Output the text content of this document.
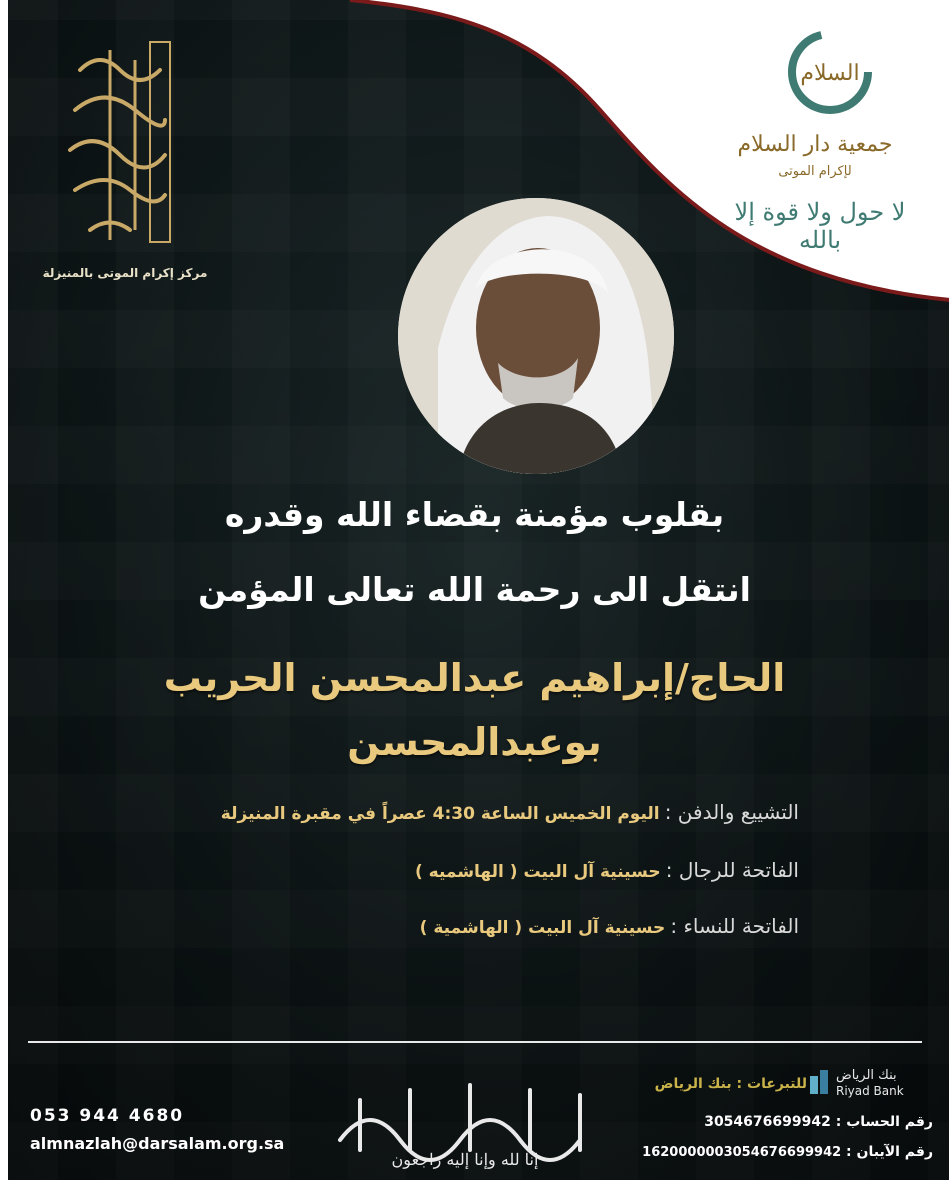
مركز إكرام الموتى بالمنيزلة
السلام
جمعية دار السلام
لإكرام الموتى
لا حول ولا قوة إلا بالله
بقلوب مؤمنة بقضاء الله وقدره
انتقل الى رحمة الله تعالى المؤمن
الحاج/إبراهيم عبدالمحسن الحريب
بوعبدالمحسن
التشييع والدفن : اليوم الخميس الساعة 4:30 عصراً في مقبرة المنيزلة
الفاتحة للرجال : حسينية آل البيت ( الهاشميه )
الفاتحة للنساء : حسينية آل البيت ( الهاشمية )
053 944 4680
almnazlah@darsalam.org.sa
إنا لله وإنا إليه راجعون
بنك الرياض
Riyad Bank
للتبرعات : بنك الرياض
رقم الحساب : 3054676699942
رقم الآيبان : 1620000003054676699942
